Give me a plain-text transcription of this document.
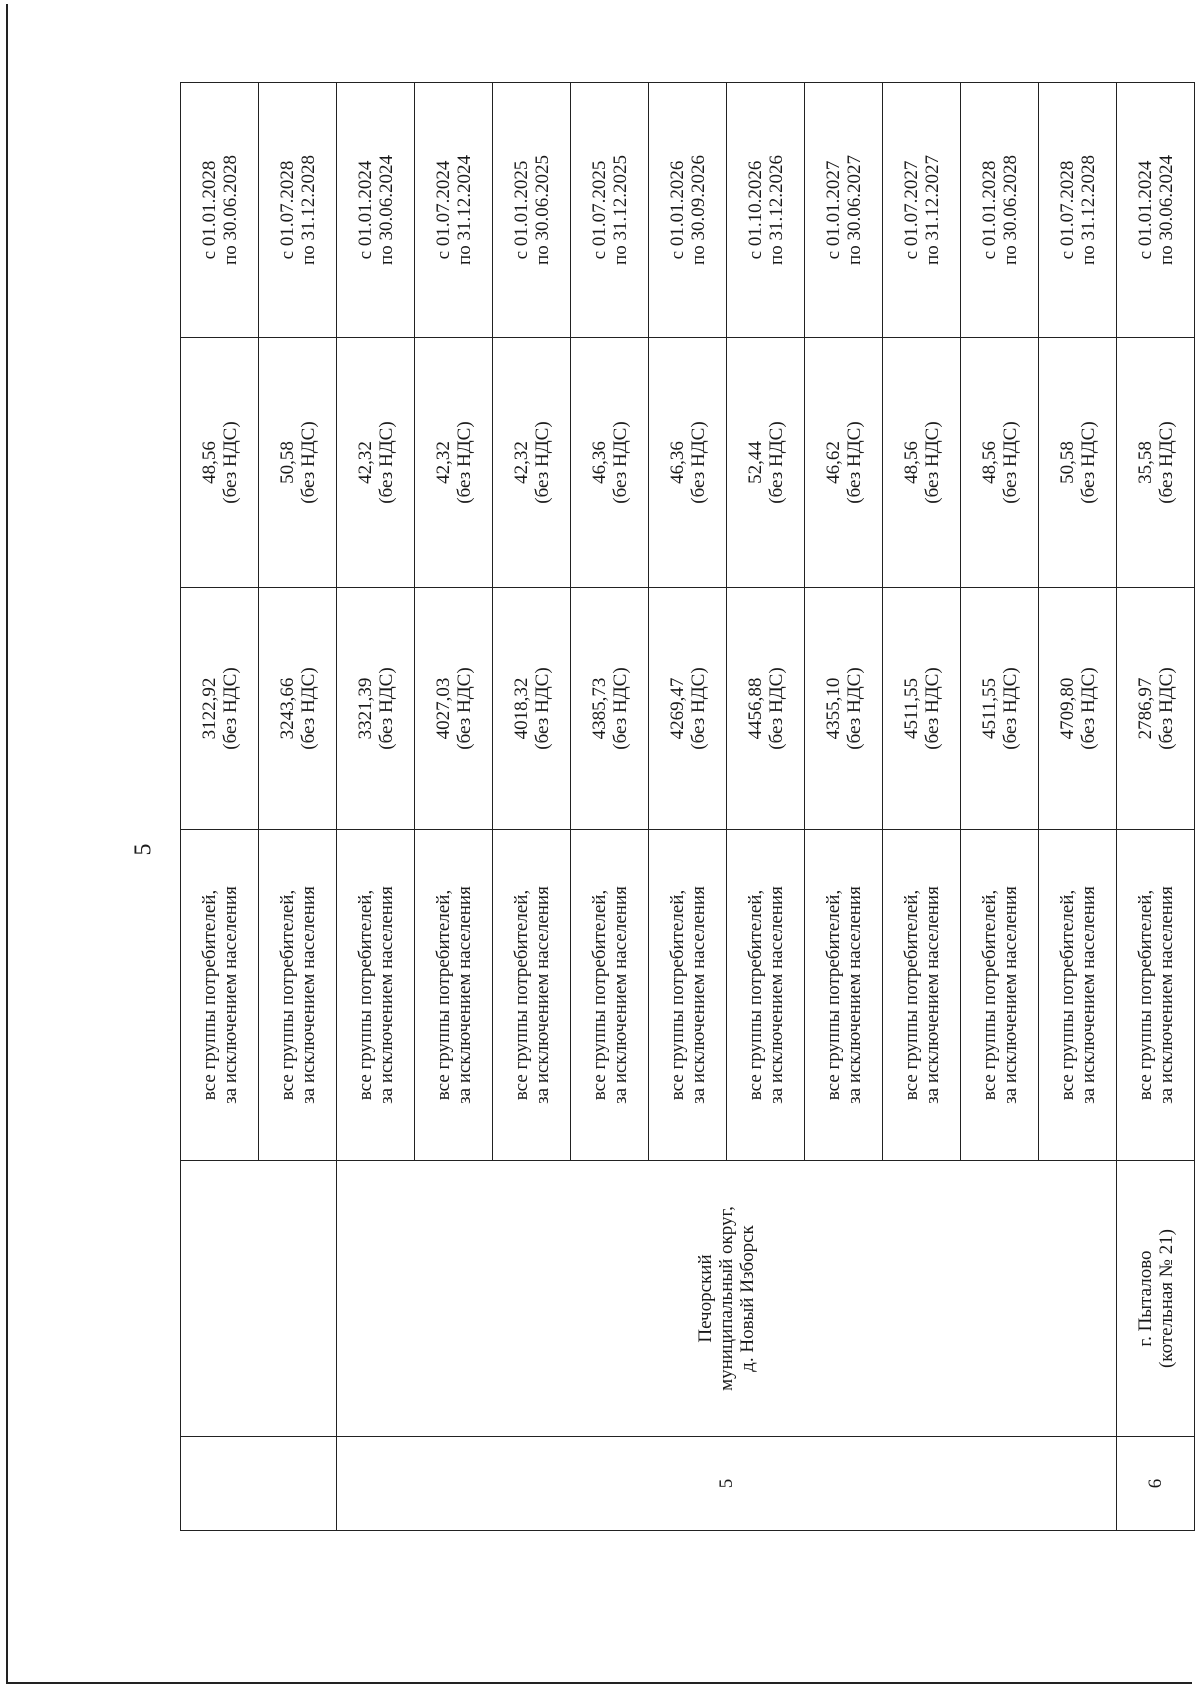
5

		все группы потребителей, за исключением населения	3122,92 (без НДС)	48,56 (без НДС)	с 01.01.2028 по 30.06.2028

		все группы потребителей, за исключением населения	3243,66 (без НДС)	50,58 (без НДС)	с 01.07.2028 по 31.12.2028

5	Печорский муниципальный округ, д. Новый Изборск	все группы потребителей, за исключением населения	3321,39 (без НДС)	42,32 (без НДС)	с 01.01.2024 по 30.06.2024

		все группы потребителей, за исключением населения	4027,03 (без НДС)	42,32 (без НДС)	с 01.07.2024 по 31.12.2024

		все группы потребителей, за исключением населения	4018,32 (без НДС)	42,32 (без НДС)	с 01.01.2025 по 30.06.2025

		все группы потребителей, за исключением населения	4385,73 (без НДС)	46,36 (без НДС)	с 01.07.2025 по 31.12.2025

		все группы потребителей, за исключением населения	4269,47 (без НДС)	46,36 (без НДС)	с 01.01.2026 по 30.09.2026

		все группы потребителей, за исключением населения	4456,88 (без НДС)	52,44 (без НДС)	с 01.10.2026 по 31.12.2026

		все группы потребителей, за исключением населения	4355,10 (без НДС)	46,62 (без НДС)	с 01.01.2027 по 30.06.2027

		все группы потребителей, за исключением населения	4511,55 (без НДС)	48,56 (без НДС)	с 01.07.2027 по 31.12.2027

		все группы потребителей, за исключением населения	4511,55 (без НДС)	48,56 (без НДС)	с 01.01.2028 по 30.06.2028

		все группы потребителей, за исключением населения	4709,80 (без НДС)	50,58 (без НДС)	с 01.07.2028 по 31.12.2028

6	г. Пыталово (котельная № 21)	все группы потребителей, за исключением населения	2786,97 (без НДС)	35,58 (без НДС)	с 01.01.2024 по 30.06.2024
